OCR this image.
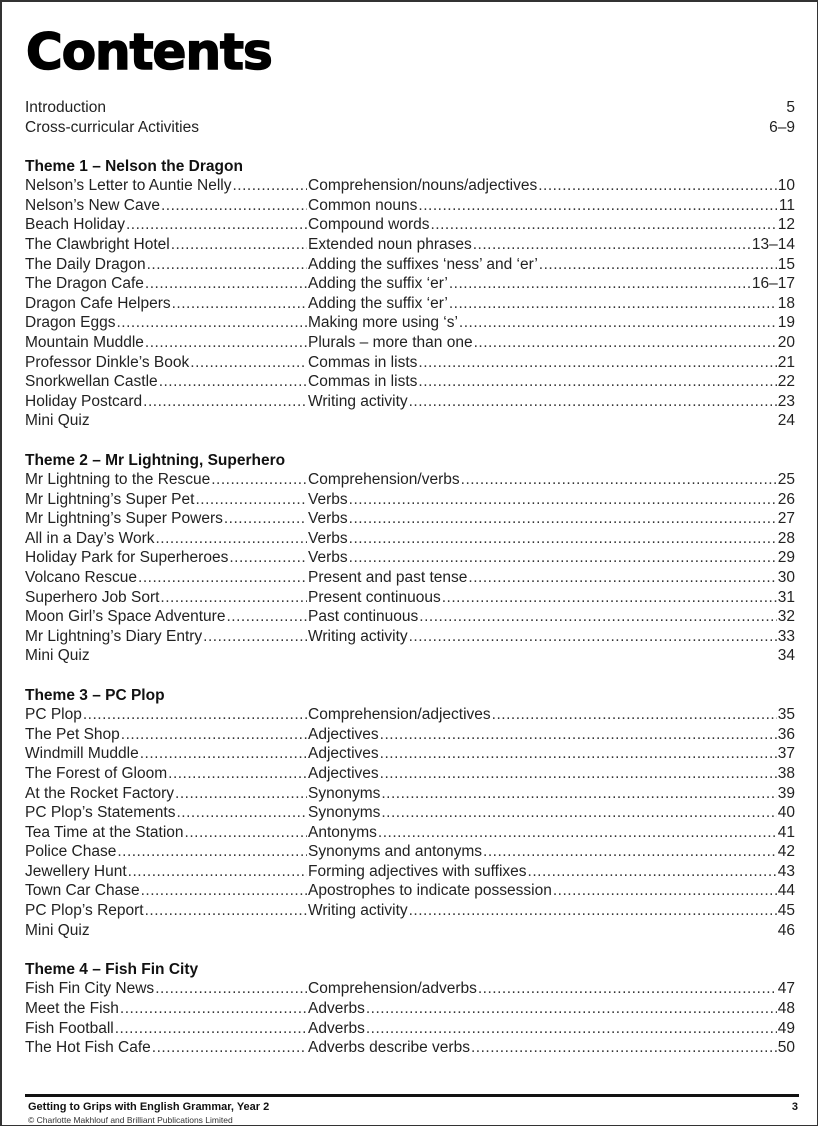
Contents
Introduction	5
Cross-curricular Activities	6–9
Theme 1 – Nelson the Dragon
Nelson’s Letter to Auntie Nelly .....	Comprehension/nouns/adjectives .....	10
Nelson’s New Cave .....	Common nouns .....	11
Beach Holiday .....	Compound words .....	12
The Clawbright Hotel .....	Extended noun phrases .....	13–14
The Daily Dragon .....	Adding the suffixes ‘ness’ and ‘er’ .....	15
The Dragon Cafe .....	Adding the suffix ‘er’ .....	16–17
Dragon Cafe Helpers .....	Adding the suffix ‘er’ .....	18
Dragon Eggs .....	Making more using ‘s’ .....	19
Mountain Muddle .....	Plurals – more than one .....	20
Professor Dinkle’s Book .....	Commas in lists .....	21
Snorkwellan Castle .....	Commas in lists .....	22
Holiday Postcard .....	Writing activity .....	23
Mini Quiz	24
Theme 2 – Mr Lightning, Superhero
Mr Lightning to the Rescue .....	Comprehension/verbs .....	25
Mr Lightning’s Super Pet .....	Verbs .....	26
Mr Lightning’s Super Powers .....	Verbs .....	27
All in a Day’s Work .....	Verbs .....	28
Holiday Park for Superheroes .....	Verbs .....	29
Volcano Rescue .....	Present and past tense .....	30
Superhero Job Sort .....	Present continuous .....	31
Moon Girl’s Space Adventure .....	Past continuous .....	32
Mr Lightning’s Diary Entry .....	Writing activity .....	33
Mini Quiz	34
Theme 3 – PC Plop
PC Plop .....	Comprehension/adjectives .....	35
The Pet Shop .....	Adjectives .....	36
Windmill Muddle .....	Adjectives .....	37
The Forest of Gloom .....	Adjectives .....	38
At the Rocket Factory .....	Synonyms .....	39
PC Plop’s Statements .....	Synonyms .....	40
Tea Time at the Station .....	Antonyms .....	41
Police Chase .....	Synonyms and antonyms .....	42
Jewellery Hunt .....	Forming adjectives with suffixes .....	43
Town Car Chase .....	Apostrophes to indicate possession .....	44
PC Plop’s Report .....	Writing activity .....	45
Mini Quiz	46
Theme 4 – Fish Fin City
Fish Fin City News .....	Comprehension/adverbs .....	47
Meet the Fish .....	Adverbs .....	48
Fish Football .....	Adverbs .....	49
The Hot Fish Cafe .....	Adverbs describe verbs .....	50
Getting to Grips with English Grammar, Year 2
© Charlotte Makhlouf and Brilliant Publications Limited
3
